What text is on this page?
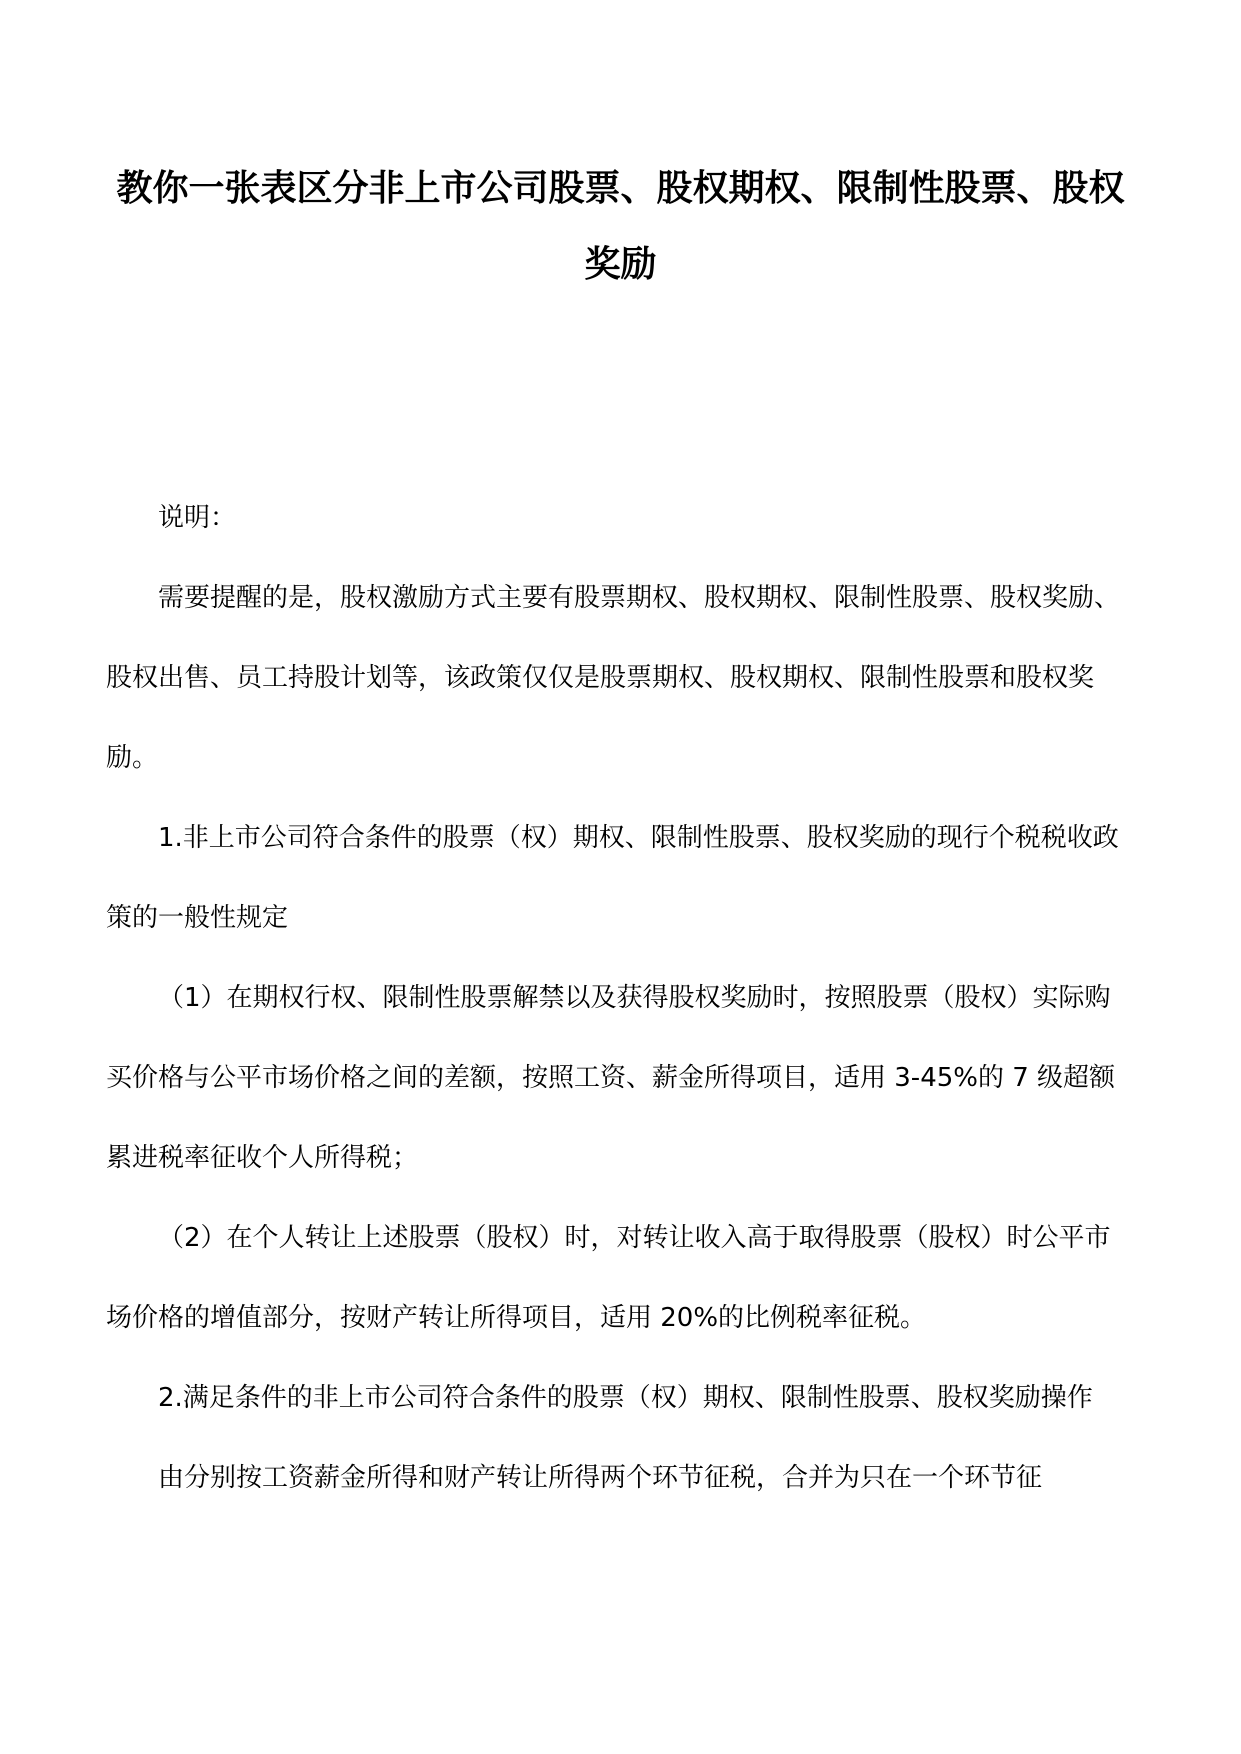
教你一张表区分非上市公司股票、股权期权、限制性股票、股权奖励

说明：

需要提醒的是，股权激励方式主要有股票期权、股权期权、限制性股票、股权奖励、股权出售、员工持股计划等，该政策仅仅是股票期权、股权期权、限制性股票和股权奖励。

1.非上市公司符合条件的股票（权）期权、限制性股票、股权奖励的现行个税税收政策的一般性规定

（1）在期权行权、限制性股票解禁以及获得股权奖励时，按照股票（股权）实际购买价格与公平市场价格之间的差额，按照工资、薪金所得项目，适用 3-45%的 7 级超额累进税率征收个人所得税；

（2）在个人转让上述股票（股权）时，对转让收入高于取得股票（股权）时公平市场价格的增值部分，按财产转让所得项目，适用 20%的比例税率征税。

2.满足条件的非上市公司符合条件的股票（权）期权、限制性股票、股权奖励操作

由分别按工资薪金所得和财产转让所得两个环节征税，合并为只在一个环节征
